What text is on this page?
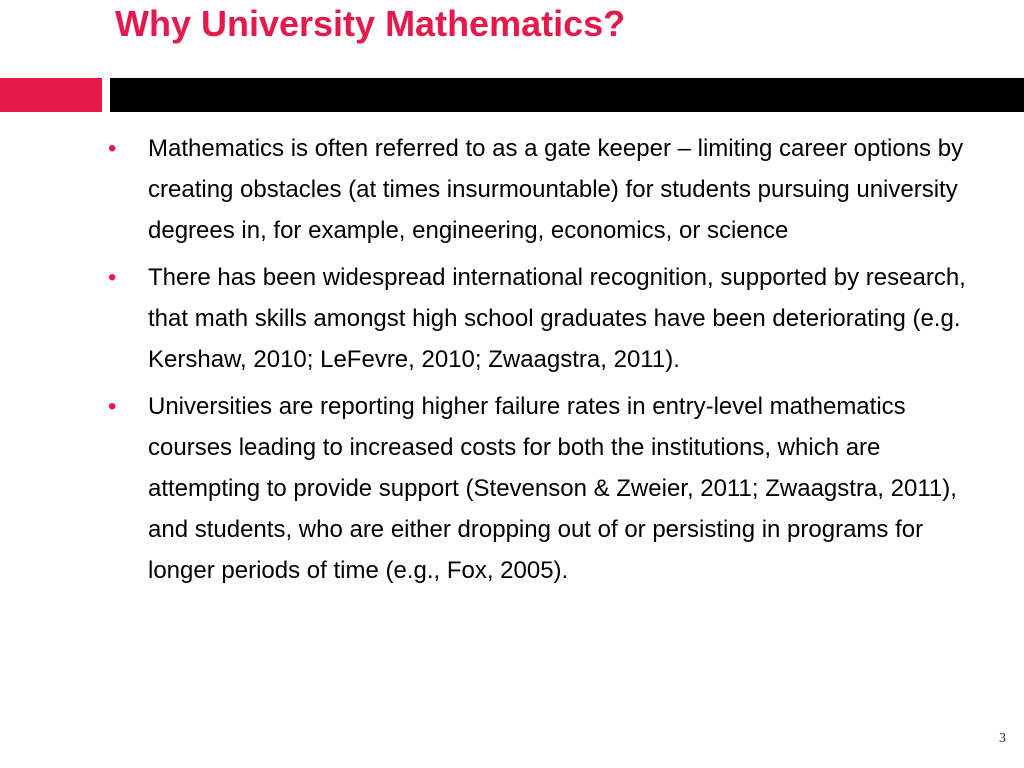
Why University Mathematics?
•	Mathematics is often referred to as a gate keeper – limiting career options by creating obstacles (at times insurmountable) for students pursuing university degrees in, for example, engineering, economics, or science
•	There has been widespread international recognition, supported by research, that math skills amongst high school graduates have been deteriorating (e.g. Kershaw, 2010; LeFevre, 2010; Zwaagstra, 2011).
•	Universities are reporting higher failure rates in entry-level mathematics courses leading to increased costs for both the institutions, which are attempting to provide support (Stevenson & Zweier, 2011; Zwaagstra, 2011), and students, who are either dropping out of or persisting in programs for longer periods of time (e.g., Fox, 2005).
3
